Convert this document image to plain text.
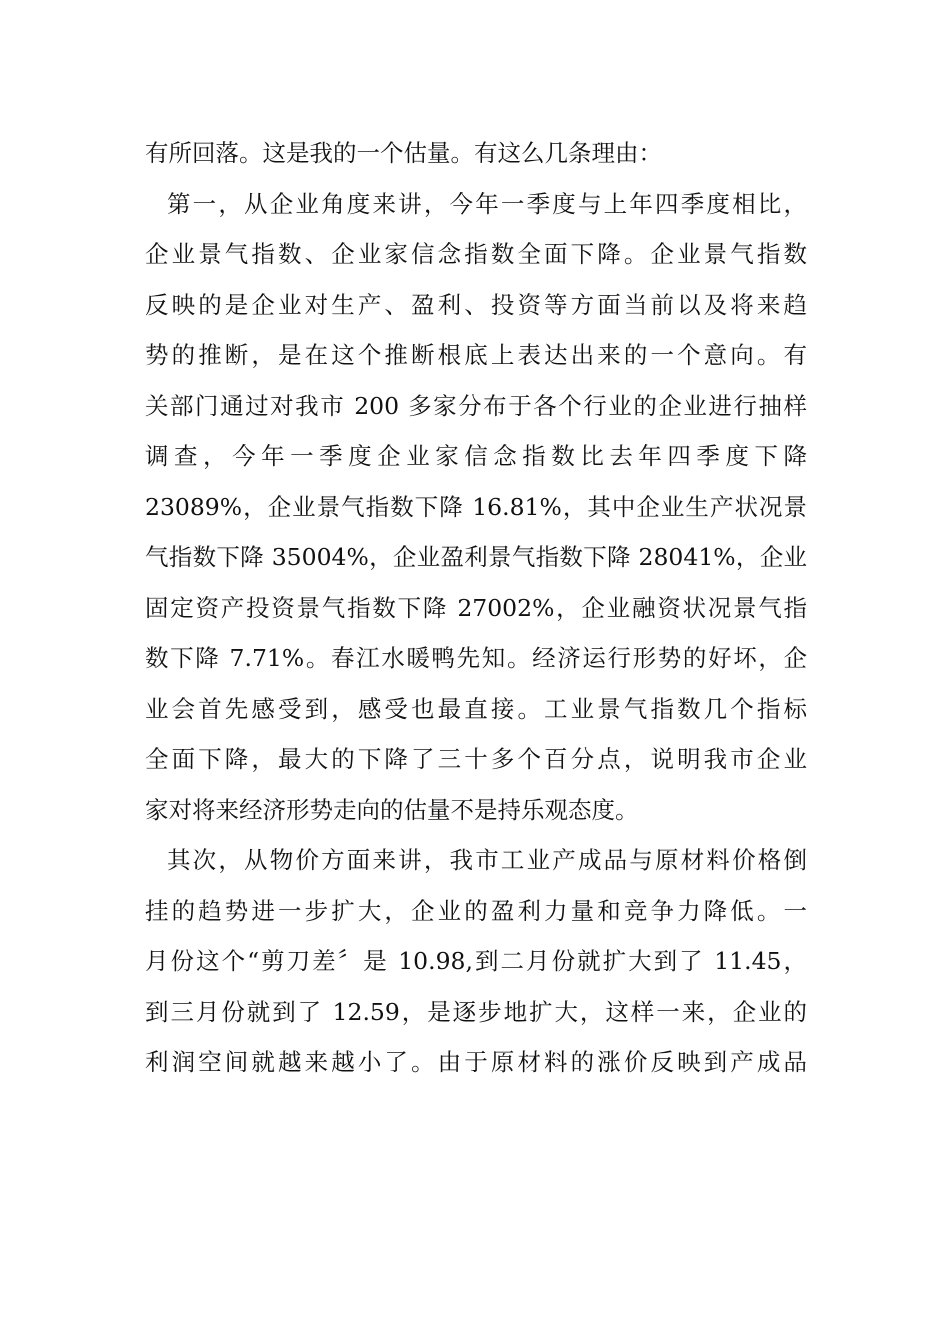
有所回落。这是我的一个估量。有这么几条理由：
第一，从企业角度来讲，今年一季度与上年四季度相比，
企业景气指数、企业家信念指数全面下降。企业景气指数
反映的是企业对生产、盈利、投资等方面当前以及将来趋
势的推断，是在这个推断根底上表达出来的一个意向。有
关部门通过对我市 200 多家分布于各个行业的企业进行抽样
调查，今年一季度企业家信念指数比去年四季度下降
23089%，企业景气指数下降 16.81%，其中企业生产状况景
气指数下降 35004%，企业盈利景气指数下降 28041%，企业
固定资产投资景气指数下降 27002%，企业融资状况景气指
数下降 7.71%。春江水暖鸭先知。经济运行形势的好坏，企
业会首先感受到，感受也最直接。工业景气指数几个指标
全面下降，最大的下降了三十多个百分点，说明我市企业
家对将来经济形势走向的估量不是持乐观态度。
其次，从物价方面来讲，我市工业产成品与原材料价格倒
挂的趋势进一步扩大，企业的盈利力量和竞争力降低。一
月份这个“剪刀差〞是 10.98,到二月份就扩大到了 11.45，
到三月份就到了 12.59，是逐步地扩大，这样一来，企业的
利润空间就越来越小了。由于原材料的涨价反映到产成品
